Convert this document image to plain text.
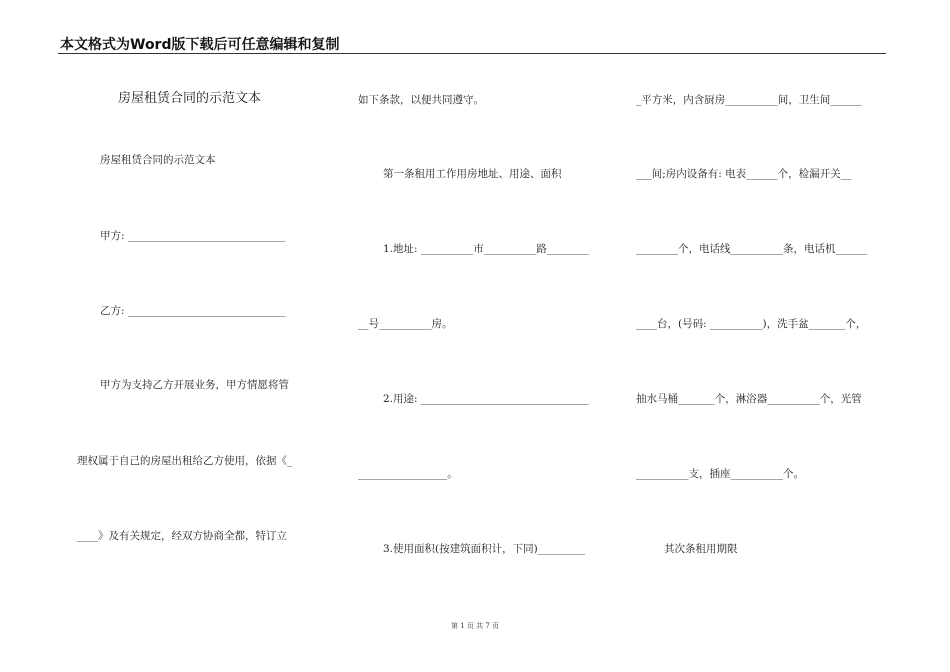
本文格式为Word版下载后可任意编辑和复制
房屋租赁合同的示范文本
房屋租赁合同的示范文本
甲方: ______________________________
乙方: ______________________________
甲方为支持乙方开展业务，甲方情愿将管
理权属于自己的房屋出租给乙方使用，依据《_
____》及有关规定，经双方协商全都，特订立
如下条款，以便共同遵守。
第一条租用工作用房地址、用途、面积
1.地址: __________市__________路________
__号__________房。
2.用途: ________________________________
_________________。
3.使用面积(按建筑面积计，下同)_________
_平方米，内含厨房__________间，卫生间______
___间;房内设备有: 电表______个，检漏开关__
________个，电话线__________条，电话机______
____台，(号码: __________)，洗手盆_______个，
抽水马桶_______个，淋浴器__________个，光管
__________支，插座__________个。
其次条租用期限
第 1 页 共 7 页
